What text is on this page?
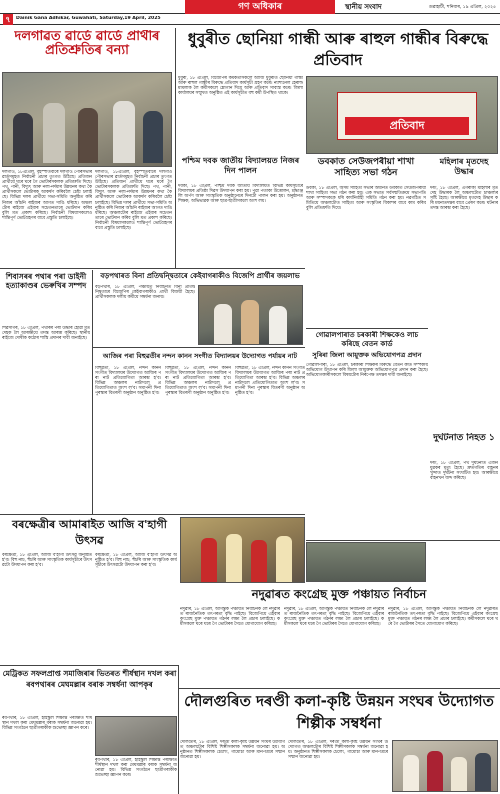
গণ অধিকাৰ	স্থানীয় সংবাদ	গুৱাহাটী, শনিবাৰ, ১৯ এপ্ৰিল, ২০২৫
৭	Dainik Gana Adhikar, Guwahati, Saturday,19 April, 2025
দলগাঁৱত ৱাৰ্ডে ৱাৰ্ডে প্ৰাৰ্থীৰ প্ৰতিশ্ৰুতিৰ বন্যা
দলগাঁও, ১৮এপ্ৰিল, বৃহস্পতিবাৰে দলগাঁও পৌৰসভাৰ ৱাৰ্ডসমূহত নিৰ্বাচনী প্ৰচাৰ তুংগত উঠিছে। প্ৰতিজন প্ৰাৰ্থীয়ে ঘৰে ঘৰে গৈ ভোটাৰসকলক প্ৰতিশ্ৰুতি দিছে। পথ, পানী, বিদ্যুৎ আৰু নলা-নৰ্দমাৰ উন্নয়নৰ কথা কৈ প্ৰাৰ্থীসকলে ভোটাৰক আকৰ্ষণ কৰিবলৈ চেষ্টা চলাইছে। বিভিন্ন দলৰ প্ৰাৰ্থীয়ে সভা-সমিতি অনুষ্ঠিত কৰি নিজৰ আঁচনি ৰাইজৰ আগত দাঙি ধৰিছে। অঞ্চলটোৰ ৰাইজে এইবাৰ সচেতনতাৰে ভোটদান কৰিব বুলি মত প্ৰকাশ কৰিছে। নিৰ্বাচনী বিষয়াসকলেও শান্তিপূৰ্ণ ভোটগ্ৰহণৰ বাবে প্ৰস্তুতি চলাইছে।
দলগাঁও, ১৮এপ্ৰিল, বৃহস্পতিবাৰে দলগাঁও পৌৰসভাৰ ৱাৰ্ডসমূহত নিৰ্বাচনী প্ৰচাৰ তুংগত উঠিছে। প্ৰতিজন প্ৰাৰ্থীয়ে ঘৰে ঘৰে গৈ ভোটাৰসকলক প্ৰতিশ্ৰুতি দিছে। পথ, পানী, বিদ্যুৎ আৰু নলা-নৰ্দমাৰ উন্নয়নৰ কথা কৈ প্ৰাৰ্থীসকলে ভোটাৰক আকৰ্ষণ কৰিবলৈ চেষ্টা চলাইছে। বিভিন্ন দলৰ প্ৰাৰ্থীয়ে সভা-সমিতি অনুষ্ঠিত কৰি নিজৰ আঁচনি ৰাইজৰ আগত দাঙি ধৰিছে। অঞ্চলটোৰ ৰাইজে এইবাৰ সচেতনতাৰে ভোটদান কৰিব বুলি মত প্ৰকাশ কৰিছে। নিৰ্বাচনী বিষয়াসকলেও শান্তিপূৰ্ণ ভোটগ্ৰহণৰ বাবে প্ৰস্তুতি চলাইছে।
ধুবুৰীত ছোনিয়া গান্ধী আৰু ৰাহুল গান্ধীৰ বিৰুদ্ধে প্ৰতিবাদ
ধুবুৰী, ১৮ এপ্ৰিল, বিজেপিৰ কৰ্মকৰ্তাসকলে আজি ধুবুৰীত ছোনিয়া গান্ধী আৰু ৰাহুল গান্ধীৰ বিৰুদ্ধে প্ৰতিবাদ কাৰ্যসূচী গ্ৰহণ কৰে। ন্যাশ্যনেল হেৰাল্ড মামলাক লৈ কৰ্মীসকলে শ্লোগান দিয়ে আৰু প্ৰতিবাদ সাব্যস্ত কৰে। জিলা কাৰ্যালয়ৰ সন্মুখত অনুষ্ঠিত এই কাৰ্যসূচীত বহু কৰ্মী উপস্থিত থাকে।
প্ৰতিবাদ
পশ্চিম দবক জাতীয় বিদ্যালয়ত নিজৰ দিন পালন
দবকা, ১৮ এপ্ৰিল, পশ্চিম দবক জাতীয় বিদ্যালয়ত বিভিন্ন কাৰ্যসূচীৰে বিদ্যালয়ৰ প্ৰতিষ্ঠা দিৱস উদযাপন কৰা হয়। পুৱা পতাকা উত্তোলন, শ্ৰদ্ধাঞ্জলি অৰ্পণ আৰু সাংস্কৃতিক অনুষ্ঠানেৰে দিনটো পালন কৰা হয়। অনুষ্ঠানত শিক্ষক, অভিভাৱক আৰু ছাত্ৰ-ছাত্ৰীসকলে অংশ লয়।
ডবকাত সেউজপৰীয়া শাখা সাহিত্য সভা গঠন
ডবকা, ১৮ এপ্ৰিল, অসম সাহিত্য সভাৰ অধীনত ডবকাত সেউজপৰীয়া শাখা সাহিত্য সভা গঠন কৰা হয়। এক সভাত সৰ্বসন্মতিক্ৰমে সভাপতি আৰু সম্পাদককে ধৰি কাৰ্যনিৰ্বাহী সমিতি গঠন কৰা হয়। নৱগঠিত সমিতিয়ে অঞ্চলটোত সাহিত্য আৰু সংস্কৃতিৰ বিকাশৰ বাবে কাম কৰিব বুলি প্ৰতিশ্ৰুতি দিয়ে।
মহিলাৰ মৃতদেহ উদ্ধাৰ
দৰং, ১৮ এপ্ৰিল, এগৰাকী মহিলাৰ মৃতদেহ উদ্ধাৰক লৈ অঞ্চলটোত চাঞ্চল্যৰ সৃষ্টি হৈছে। আৰক্ষীয়ে মৃতদেহ উদ্ধাৰ কৰি ময়নাতদন্তৰ বাবে প্ৰেৰণ কৰে। ঘটনাৰ তদন্ত আৰম্ভ কৰা হৈছে।
শিবাসৰৰ পথাৰ পৰা ডাইনী হত্যাকাণ্ডৰ ভেৰুখিৰ সম্পদ
শিৱসাগৰ, ১৮ এপ্ৰিল, পথাৰৰ পৰা উদ্ধাৰ হোৱা মৃতদেহক লৈ আৰক্ষীয়ে তদন্ত আৰম্ভ কৰিছে। স্থানীয় ৰাইজে দোষীক কঠোৰ শাস্তি প্ৰদানৰ দাবী জনাইছে।
বড়পথাৰত বিনা প্ৰতিদ্বন্দ্বিতাৰে কেইবাগৰাকীও বিজেপি প্ৰাৰ্থীৰ জয়লাভ
বড়পথাৰ, ১৮ এপ্ৰিল, পঞ্চায়ত নিৰ্বাচনত বিনা প্ৰতিদ্বন্দ্বিতাৰে বিজেপিৰ কেইবাগৰাকীও প্ৰাৰ্থী বিজয়ী হৈছে। প্ৰাৰ্থীসকলক দলীয় কৰ্মীয়ে সম্বৰ্ধনা জনায়।
আজিৰ পৰা বিহুৱতীৰ নন্দন কানন সংগীত বিদ্যালয়ৰ উদ্যোগত পৰ্যায়ৰ নাট
বিহুৱতী, ১৮ এপ্ৰিল, নন্দন কানন সংগীত বিদ্যালয়ৰ উদ্যোগত আজিৰ পৰা নাট প্ৰতিযোগিতা আৰম্ভ হ'ব। বিভিন্ন অঞ্চলৰ নাট্যদলে প্ৰতিযোগিতাত অংশ ল'ব। সমাপনী দিনা পুৰস্কাৰ বিতৰণী অনুষ্ঠান অনুষ্ঠিত হ'ব।
বিহুৱতী, ১৮ এপ্ৰিল, নন্দন কানন সংগীত বিদ্যালয়ৰ উদ্যোগত আজিৰ পৰা নাট প্ৰতিযোগিতা আৰম্ভ হ'ব। বিভিন্ন অঞ্চলৰ নাট্যদলে প্ৰতিযোগিতাত অংশ ল'ব। সমাপনী দিনা পুৰস্কাৰ বিতৰণী অনুষ্ঠান অনুষ্ঠিত হ'ব।
বিহুৱতী, ১৮ এপ্ৰিল, নন্দন কানন সংগীত বিদ্যালয়ৰ উদ্যোগত আজিৰ পৰা নাট প্ৰতিযোগিতা আৰম্ভ হ'ব। বিভিন্ন অঞ্চলৰ নাট্যদলে প্ৰতিযোগিতাত অংশ ল'ব। সমাপনী দিনা পুৰস্কাৰ বিতৰণী অনুষ্ঠান অনুষ্ঠিত হ'ব।
গোৱালপাৰাত চৰকাৰী শিক্ষকেও লাচ কৰিছে বেতন কাৰ্ড
সুৰিৰা জিলা আয়ুক্তক অভিযোগপত্ৰ প্ৰদান
গোৱালপাৰা, ১৮ এপ্ৰিল, চৰকাৰী শিক্ষকৰ বিৰুদ্ধে বেতন কাৰ্ড সম্পৰ্কীয় অভিযোগ উত্থাপন কৰি জিলা আয়ুক্তক অভিযোগপত্ৰ প্ৰদান কৰা হৈছে। অভিযোগকাৰীসকলে বিষয়টোৰ নিৰপেক্ষ তদন্তৰ দাবী জনাইছে।
দুৰ্ঘটনাত নিহত ১
দৰং, ১৮ এপ্ৰিল, পথ দুৰ্ঘটনাত এজন যুৱকৰ মৃত্যু হৈছে। দ্ৰুতগতিৰ বাহনৰ খুন্দাত দুৰ্ঘটনা সংঘটিত হয়। আৰক্ষীয়ে বাহনখন জব্দ কৰিছে।
বৰক্ষেত্ৰীৰ আমাৰাইত আজি ব'হাগী উৎসৱ
বৰক্ষেত্ৰী, ১৮ এপ্ৰিল, আজি ব'হাগী উৎসৱ অনুষ্ঠিত হ'ব। বিহু নাচ, হুঁচৰি আৰু সাংস্কৃতিক কাৰ্যসূচীৰে উৎসৱটো উদযাপন কৰা হ'ব।
বৰক্ষেত্ৰী, ১৮ এপ্ৰিল, আজি ব'হাগী উৎসৱ অনুষ্ঠিত হ'ব। বিহু নাচ, হুঁচৰি আৰু সাংস্কৃতিক কাৰ্যসূচীৰে উৎসৱটো উদযাপন কৰা হ'ব।
নদুৱাৰত কংগ্ৰেছ মুক্ত পঞ্চায়ত নিৰ্বাচন
নদুৱাৰ, ১৮ এপ্ৰিল, আগন্তুক পঞ্চায়ত নিৰ্বাচনক লৈ নদুৱাৰত ৰাজনৈতিক তৎপৰতা বৃদ্ধি পাইছে। বিজেপিয়ে এইবাৰ কংগ্ৰেছ মুক্ত পঞ্চায়ত গঠনৰ লক্ষ্য লৈ প্ৰচাৰ চলাইছে। কৰ্মীসকলে ঘৰে ঘৰে গৈ ভোটাৰৰ সৈতে যোগাযোগ কৰিছে।
নদুৱাৰ, ১৮ এপ্ৰিল, আগন্তুক পঞ্চায়ত নিৰ্বাচনক লৈ নদুৱাৰত ৰাজনৈতিক তৎপৰতা বৃদ্ধি পাইছে। বিজেপিয়ে এইবাৰ কংগ্ৰেছ মুক্ত পঞ্চায়ত গঠনৰ লক্ষ্য লৈ প্ৰচাৰ চলাইছে। কৰ্মীসকলে ঘৰে ঘৰে গৈ ভোটাৰৰ সৈতে যোগাযোগ কৰিছে।
নদুৱাৰ, ১৮ এপ্ৰিল, আগন্তুক পঞ্চায়ত নিৰ্বাচনক লৈ নদুৱাৰত ৰাজনৈতিক তৎপৰতা বৃদ্ধি পাইছে। বিজেপিয়ে এইবাৰ কংগ্ৰেছ মুক্ত পঞ্চায়ত গঠনৰ লক্ষ্য লৈ প্ৰচাৰ চলাইছে। কৰ্মীসকলে ঘৰে ঘৰে গৈ ভোটাৰৰ সৈতে যোগাযোগ কৰিছে।
মেট্ৰিকত সফলপ্ৰাপ্ত সমাজিৰাৰ ভিতৰত শীৰ্ষস্থান দখল কৰা ৰবপথাৰৰ মেঘমল্লাৰ বৰাক সম্বৰ্ধনা আপকৃৰ
ৰবপথাৰ, ১৮ এপ্ৰিল, হাইস্কুল শিক্ষান্ত পৰীক্ষাত শীৰ্ষস্থান দখল কৰা মেঘমল্লাৰ বৰাক সম্বৰ্ধনা জনোৱা হয়। বিভিন্ন সংগঠনে ছাত্ৰীগৰাকীক শুভেচ্ছা জ্ঞাপন কৰে।
ৰবপথাৰ, ১৮ এপ্ৰিল, হাইস্কুল শিক্ষান্ত পৰীক্ষাত শীৰ্ষস্থান দখল কৰা মেঘমল্লাৰ বৰাক সম্বৰ্ধনা জনোৱা হয়। বিভিন্ন সংগঠনে ছাত্ৰীগৰাকীক শুভেচ্ছা জ্ঞাপন কৰে।
দৌলগুৰিত দৰণ্ডী কলা-কৃষ্টি উন্নয়ন সংঘৰ উদ্যোগত শিল্পীক সম্বৰ্ধনা
দৌলগুৰি, ১৮ এপ্ৰিল, দৰণ্ডী কলা-কৃষ্টি উন্নয়ন সংঘৰ উদ্যোগত অঞ্চলটোৰ বিশিষ্ট শিল্পীসকলক সম্বৰ্ধনা জনোৱা হয়। অনুষ্ঠানত শিল্পীসকলক চেলেং, গামোচা আৰু মানপত্ৰৰে সন্মান জনোৱা হয়।
দৌলগুৰি, ১৮ এপ্ৰিল, দৰণ্ডী কলা-কৃষ্টি উন্নয়ন সংঘৰ উদ্যোগত অঞ্চলটোৰ বিশিষ্ট শিল্পীসকলক সম্বৰ্ধনা জনোৱা হয়। অনুষ্ঠানত শিল্পীসকলক চেলেং, গামোচা আৰু মানপত্ৰৰে সন্মান জনোৱা হয়।
